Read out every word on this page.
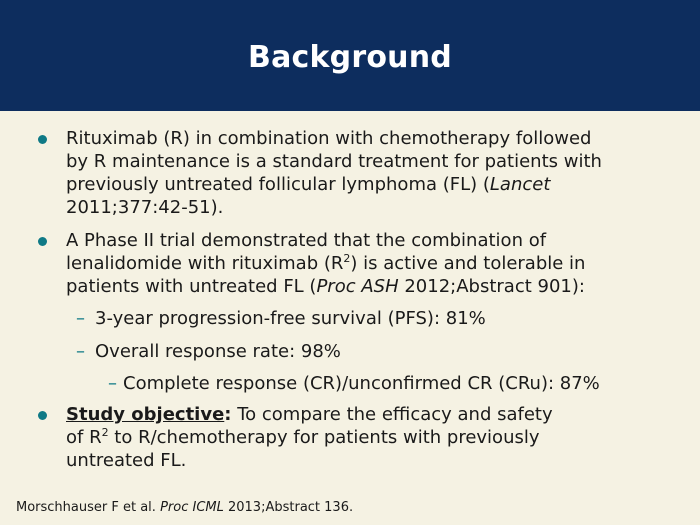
Background
Rituximab (R) in combination with chemotherapy followed
by R maintenance is a standard treatment for patients with
previously untreated follicular lymphoma (FL) (Lancet
2011;377:42-51).
A Phase II trial demonstrated that the combination of
lenalidomide with rituximab $(R^2)$ is active and tolerable in
patients with untreated FL (Proc ASH 2012;Abstract 901):
– 3-year progression-free survival (PFS): 81%
– Overall response rate: 98%
– Complete response (CR)/unconfirmed CR (CRu): 87%
Study objective: To compare the efficacy and safety
of $R^2$ to R/chemotherapy for patients with previously
untreated FL.
Morschhauser F et al. Proc ICML 2013;Abstract 136.
